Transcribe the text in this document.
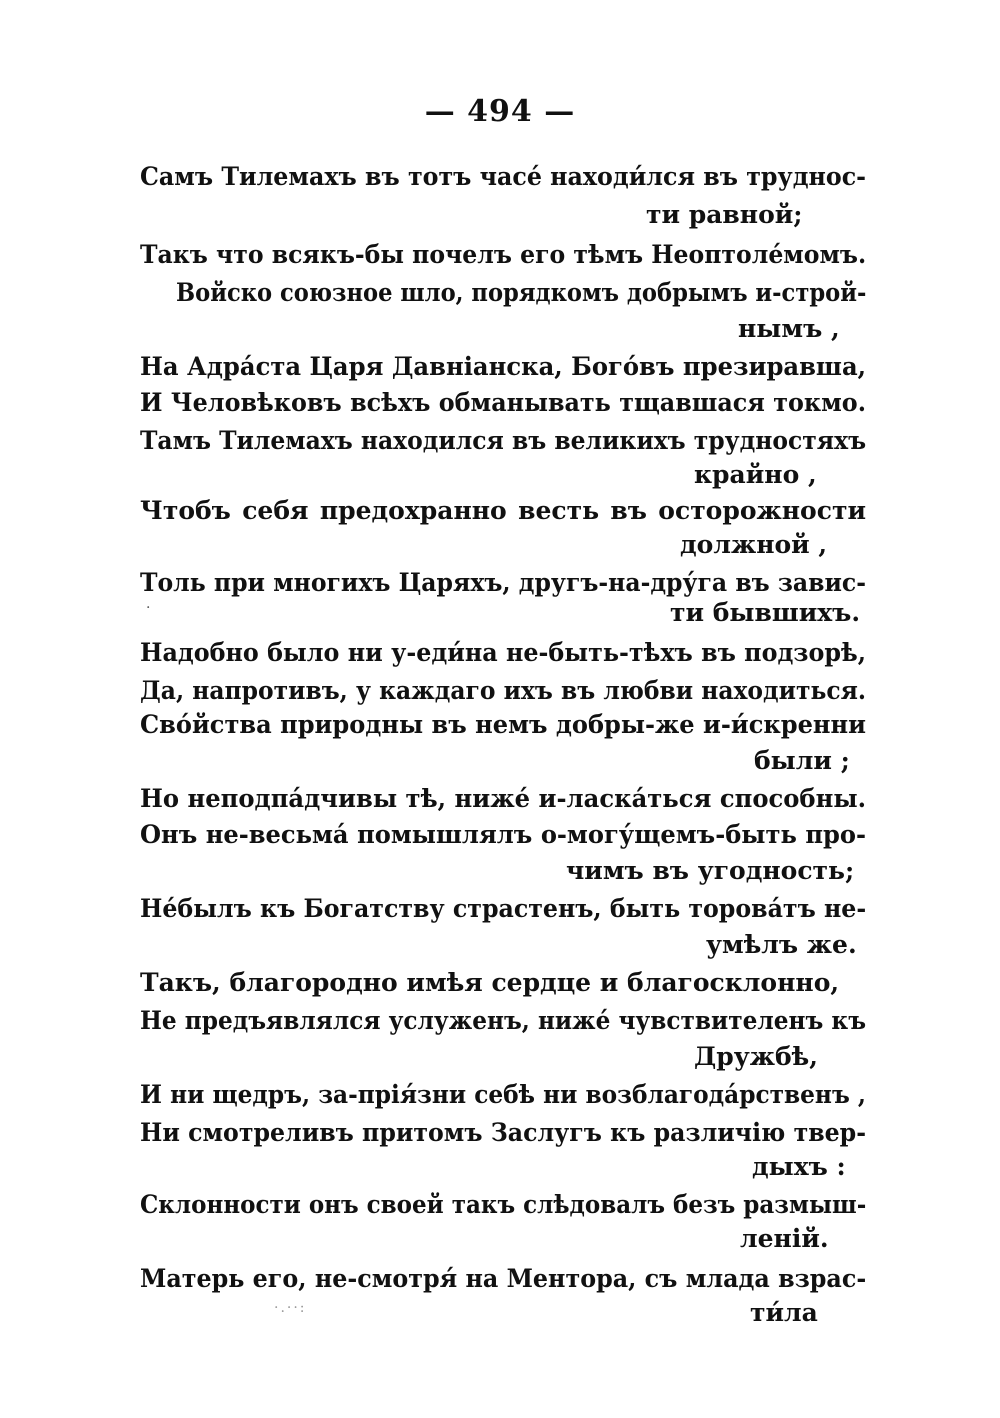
— 494 —
Самъ Тилемахъ въ тотъ часе́ находи́лся въ труднос-
ти равной;
Такъ что всякъ-бы почелъ его тѣмъ Неоптоле́момъ.
Войско союзное шло, порядкомъ добрымъ и-строй-
нымъ ,
На Адра́ста Царя Давніанска, Бого́въ презиравша,
И Человѣковъ всѣхъ обманывать тщавшася токмо.
Тамъ Тилемахъ находился въ великихъ трудностяхъ
крайно ,
Чтобъ себя предохранно весть въ осторожности
должной ,
Толь при многихъ Царяхъ, другъ-на-дру́га въ завис-
ти бывшихъ.
·
Надобно было ни у-еди́на не-быть-тѣхъ въ подзорѣ,
Да, напротивъ, у каждаго ихъ въ любви находиться.
Сво́йства природны въ немъ добры-же и-и́скренни
были ;
Но неподпа́дчивы тѣ, ниже́ и-ласка́ться способны.
Онъ не-весьма́ помышлялъ о-могу́щемъ-быть про-
чимъ въ угодность;
Не́былъ къ Богатству страстенъ, быть торова́тъ не-
умѣлъ же.
Такъ, благородно имѣя сердце и благосклонно,
Не предъявлялся услуженъ, ниже́ чувствителенъ къ
Дружбѣ,
И ни щедръ, за-прія́зни себѣ ни возблагода́рственъ ,
Ни смотреливъ притомъ Заслугъ къ различію твер-
дыхъ :
Склонности онъ своей такъ слѣдовалъ безъ размыш-
леній.
Матерь его, не-смотря́ на Ментора, съ млада взрас-
ти́ла
·.··:
